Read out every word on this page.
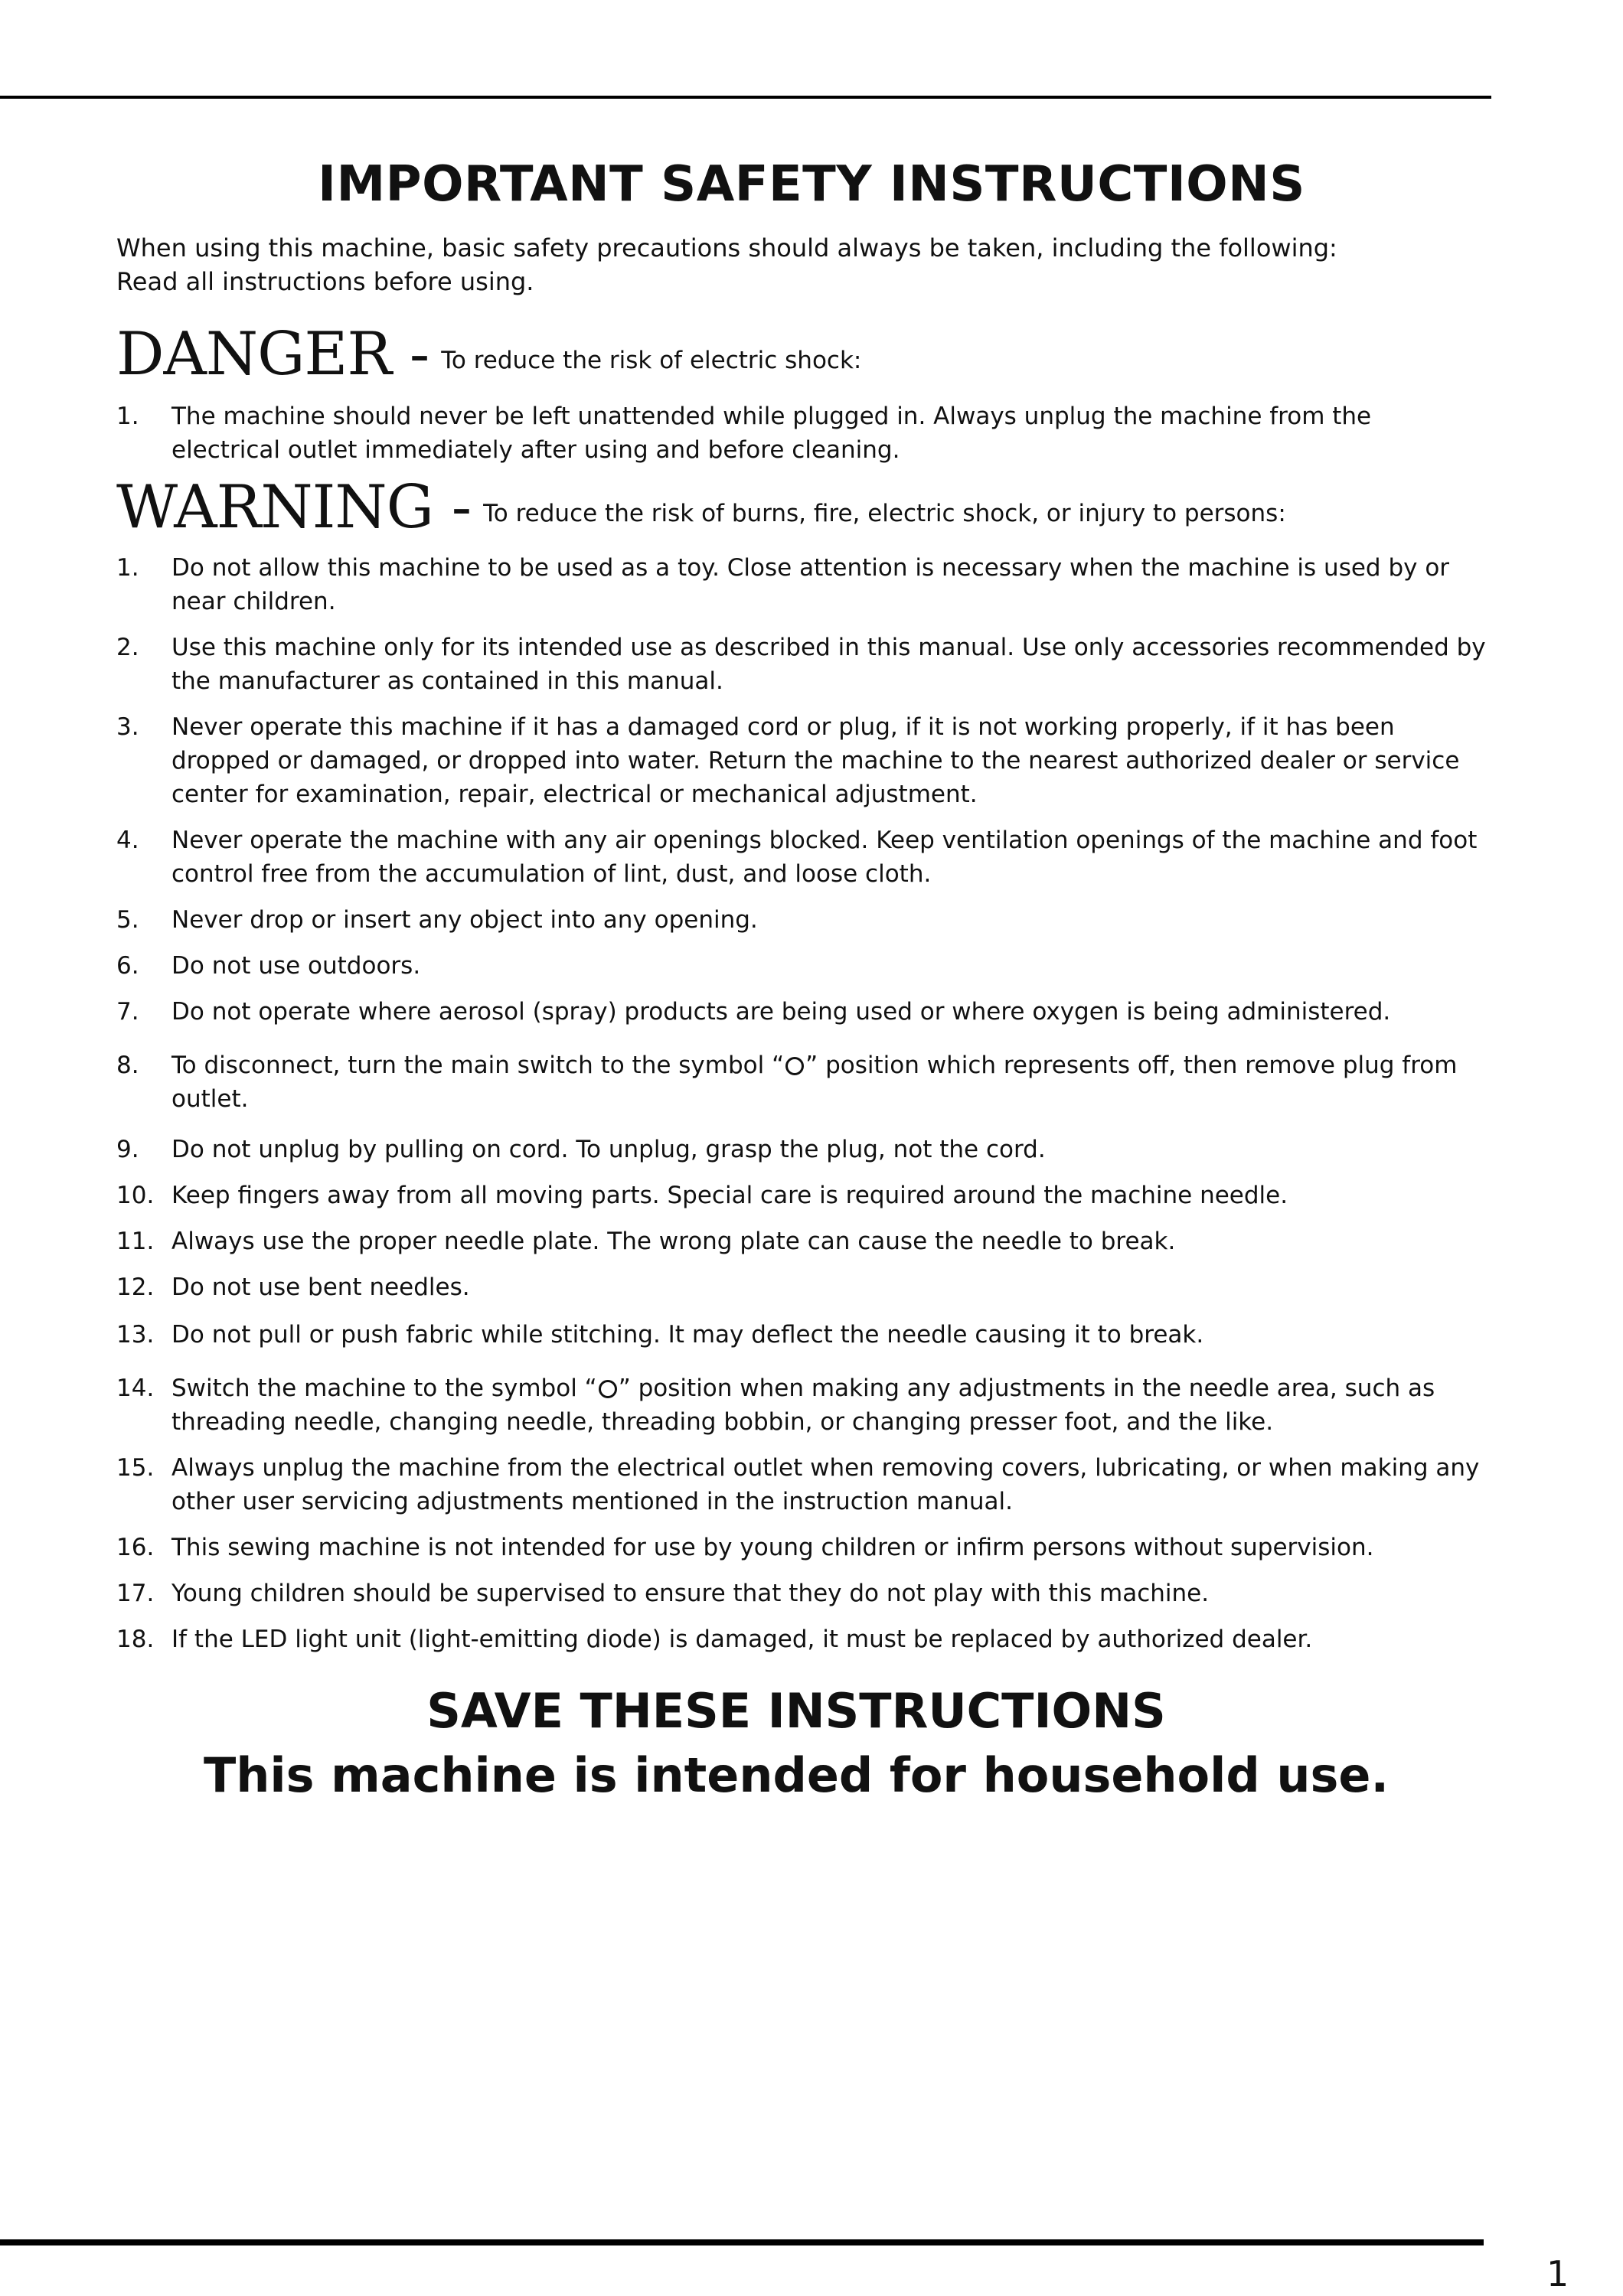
IMPORTANT SAFETY INSTRUCTIONS
When using this machine, basic safety precautions should always be taken, including the following:
Read all instructions before using.
DANGER - To reduce the risk of electric shock:
1. The machine should never be left unattended while plugged in. Always unplug the machine from the electrical outlet immediately after using and before cleaning.
WARNING - To reduce the risk of burns, fire, electric shock, or injury to persons:
1. Do not allow this machine to be used as a toy. Close attention is necessary when the machine is used by or near children.
2. Use this machine only for its intended use as described in this manual. Use only accessories recommended by the manufacturer as contained in this manual.
3. Never operate this machine if it has a damaged cord or plug, if it is not working properly, if it has been dropped or damaged, or dropped into water. Return the machine to the nearest authorized dealer or service center for examination, repair, electrical or mechanical adjustment.
4. Never operate the machine with any air openings blocked. Keep ventilation openings of the machine and foot control free from the accumulation of lint, dust, and loose cloth.
5. Never drop or insert any object into any opening.
6. Do not use outdoors.
7. Do not operate where aerosol (spray) products are being used or where oxygen is being administered.
8. To disconnect, turn the main switch to the symbol “ ” position which represents off, then remove plug from outlet.
9. Do not unplug by pulling on cord. To unplug, grasp the plug, not the cord.
10. Keep fingers away from all moving parts. Special care is required around the machine needle.
11. Always use the proper needle plate. The wrong plate can cause the needle to break.
12. Do not use bent needles.
13. Do not pull or push fabric while stitching. It may deflect the needle causing it to break.
14. Switch the machine to the symbol “ ” position when making any adjustments in the needle area, such as threading needle, changing needle, threading bobbin, or changing presser foot, and the like.
15. Always unplug the machine from the electrical outlet when removing covers, lubricating, or when making any other user servicing adjustments mentioned in the instruction manual.
16. This sewing machine is not intended for use by young children or infirm persons without supervision.
17. Young children should be supervised to ensure that they do not play with this machine.
18. If the LED light unit (light-emitting diode) is damaged, it must be replaced by authorized dealer.
SAVE THESE INSTRUCTIONS
This machine is intended for household use.
1
